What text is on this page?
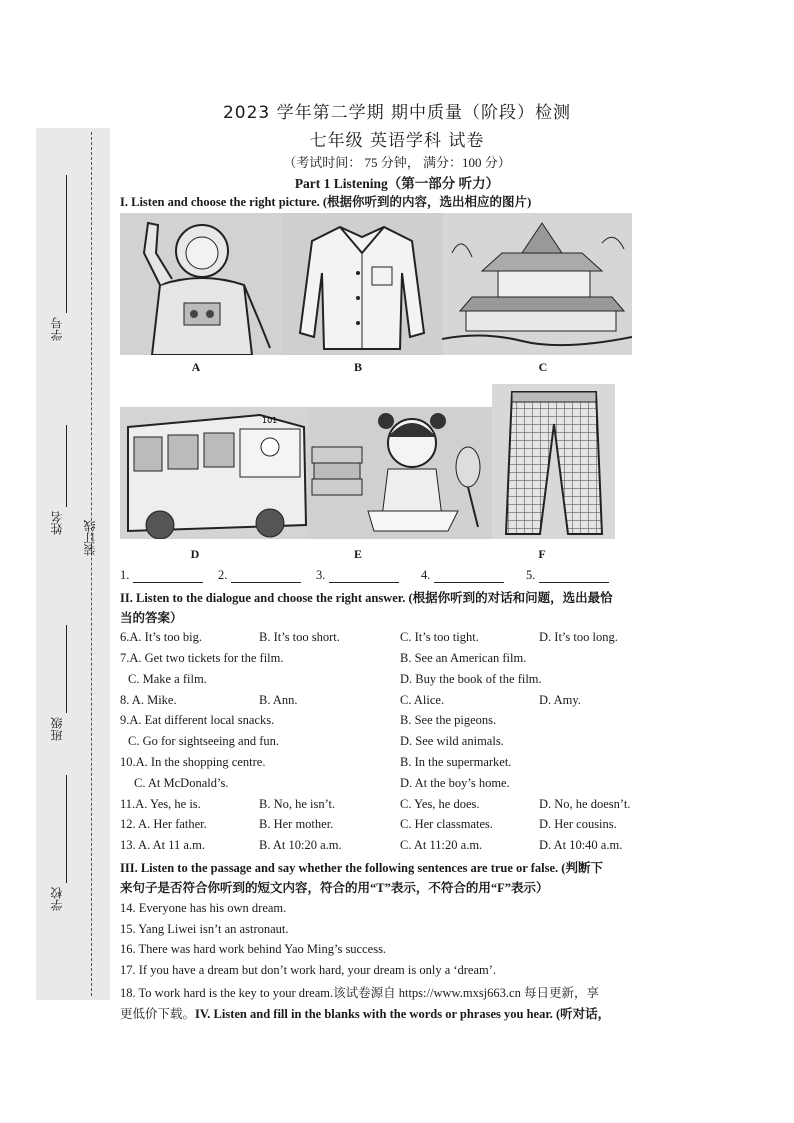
学号
姓名
班级
学校
装订线
2023 学年第二学期 期中质量（阶段）检测
七年级 英语学科 试卷
（考试时间： 75 分钟， 满分：100 分）
Part 1 Listening（第一部分 听力）
I. Listen and choose the right picture. (根据你听到的内容，选出相应的图片)
A	B	C
101
D	E	F
1.	2.	3.	4.	5.
II. Listen to the dialogue and choose the right answer. (根据你听到的对话和问题，选出最恰
当的答案）
6.A. It’s too big.	B. It’s too short.	C. It’s too tight.	D. It’s too long.
7.A. Get two tickets for the film.	B. See an American film.
C. Make a film.	D. Buy the book of the film.
8. A. Mike.	B. Ann.	C. Alice.	D. Amy.
9.A. Eat different local snacks.	B. See the pigeons.
C. Go for sightseeing and fun.	D. See wild animals.
10.A. In the shopping centre.	B. In the supermarket.
C. At McDonald’s.	D. At the boy’s home.
11.A. Yes, he is.	B. No, he isn’t.	C. Yes, he does.	D. No, he doesn’t.
12. A. Her father.	B. Her mother.	C. Her classmates.	D. Her cousins.
13. A. At 11 a.m.	B. At 10:20 a.m.	C. At 11:20 a.m.	D. At 10:40 a.m.
III. Listen to the passage and say whether the following sentences are true or false. (判断下
来句子是否符合你听到的短文内容，符合的用“T”表示，不符合的用“F”表示）
14. Everyone has his own dream.
15. Yang Liwei isn’t an astronaut.
16. There was hard work behind Yao Ming’s success.
17. If you have a dream but don’t work hard, your dream is only a ‘dream’.
18. To work hard is the key to your dream.该试卷源自 https://www.mxsj663.cn 每日更新，享
更低价下载。IV. Listen and fill in the blanks with the words or phrases you hear. (听对话，
